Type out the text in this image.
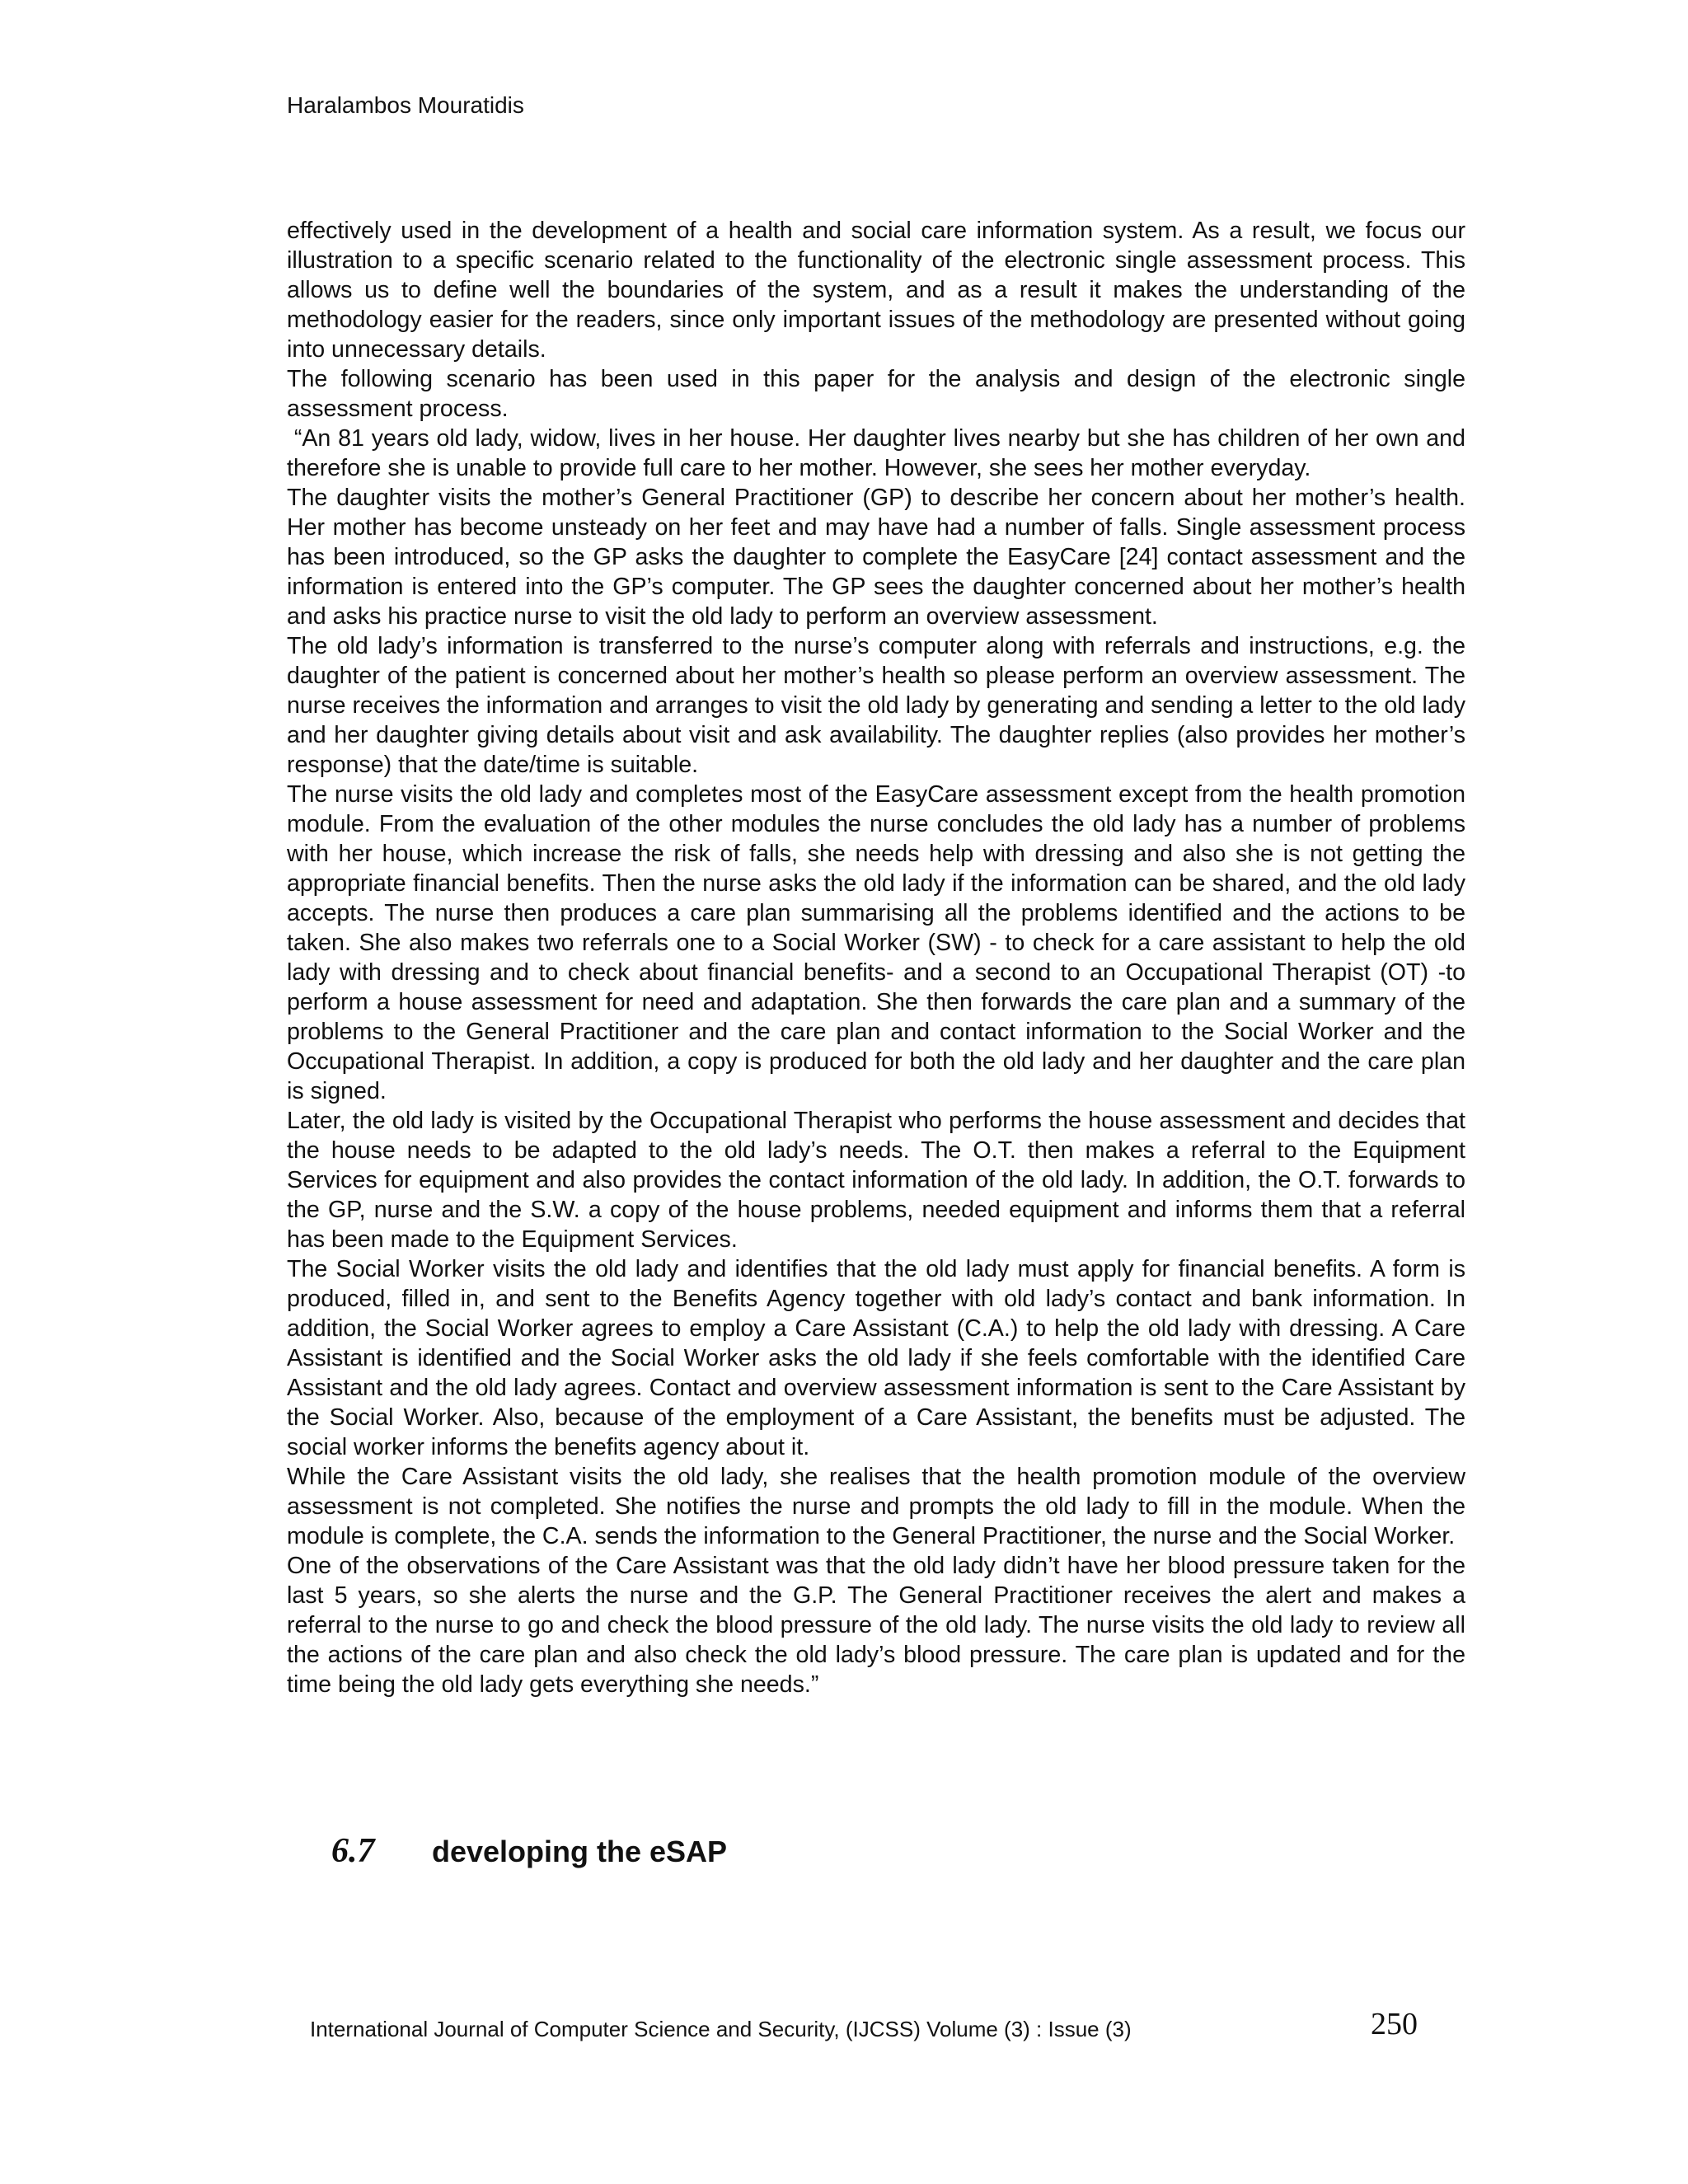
Haralambos Mouratidis

effectively used in the development of a health and social care information system. As a result, we focus our illustration to a specific scenario related to the functionality of the electronic single assessment process. This allows us to define well the boundaries of the system, and as a result it makes the understanding of the methodology easier for the readers, since only important issues of the methodology are presented without going into unnecessary details.

The following scenario has been used in this paper for the analysis and design of the electronic single assessment process.

“An 81 years old lady, widow, lives in her house. Her daughter lives nearby but she has children of her own and therefore she is unable to provide full care to her mother. However, she sees her mother everyday.

The daughter visits the mother’s General Practitioner (GP) to describe her concern about her mother’s health. Her mother has become unsteady on her feet and may have had a number of falls. Single assessment process has been introduced, so the GP asks the daughter to complete the EasyCare [24] contact assessment and the information is entered into the GP’s computer. The GP sees the daughter concerned about her mother’s health and asks his practice nurse to visit the old lady to perform an overview assessment.

The old lady’s information is transferred to the nurse’s computer along with referrals and instructions, e.g. the daughter of the patient is concerned about her mother’s health so please perform an overview assessment. The nurse receives the information and arranges to visit the old lady by generating and sending a letter to the old lady and her daughter giving details about visit and ask availability. The daughter replies (also provides her mother’s response) that the date/time is suitable.

The nurse visits the old lady and completes most of the EasyCare assessment except from the health promotion module. From the evaluation of the other modules the nurse concludes the old lady has a number of problems with her house, which increase the risk of falls, she needs help with dressing and also she is not getting the appropriate financial benefits. Then the nurse asks the old lady if the information can be shared, and the old lady accepts. The nurse then produces a care plan summarising all the problems identified and the actions to be taken. She also makes two referrals one to a Social Worker (SW) - to check for a care assistant to help the old lady with dressing and to check about financial benefits- and a second to an Occupational Therapist (OT) -to perform a house assessment for need and adaptation. She then forwards the care plan and a summary of the problems to the General Practitioner and the care plan and contact information to the Social Worker and the Occupational Therapist. In addition, a copy is produced for both the old lady and her daughter and the care plan is signed.

Later, the old lady is visited by the Occupational Therapist who performs the house assessment and decides that the house needs to be adapted to the old lady’s needs. The O.T. then makes a referral to the Equipment Services for equipment and also provides the contact information of the old lady. In addition, the O.T. forwards to the GP, nurse and the S.W. a copy of the house problems, needed equipment and informs them that a referral has been made to the Equipment Services.

The Social Worker visits the old lady and identifies that the old lady must apply for financial benefits. A form is produced, filled in, and sent to the Benefits Agency together with old lady’s contact and bank information. In addition, the Social Worker agrees to employ a Care Assistant (C.A.) to help the old lady with dressing. A Care Assistant is identified and the Social Worker asks the old lady if she feels comfortable with the identified Care Assistant and the old lady agrees. Contact and overview assessment information is sent to the Care Assistant by the Social Worker. Also, because of the employment of a Care Assistant, the benefits must be adjusted. The social worker informs the benefits agency about it.

While the Care Assistant visits the old lady, she realises that the health promotion module of the overview assessment is not completed. She notifies the nurse and prompts the old lady to fill in the module. When the module is complete, the C.A. sends the information to the General Practitioner, the nurse and the Social Worker.

One of the observations of the Care Assistant was that the old lady didn’t have her blood pressure taken for the last 5 years, so she alerts the nurse and the G.P. The General Practitioner receives the alert and makes a referral to the nurse to go and check the blood pressure of the old lady. The nurse visits the old lady to review all the actions of the care plan and also check the old lady’s blood pressure. The care plan is updated and for the time being the old lady gets everything she needs.”

6.7	developing the eSAP
International Journal of Computer Science and Security, (IJCSS) Volume (3) : Issue (3)	250
